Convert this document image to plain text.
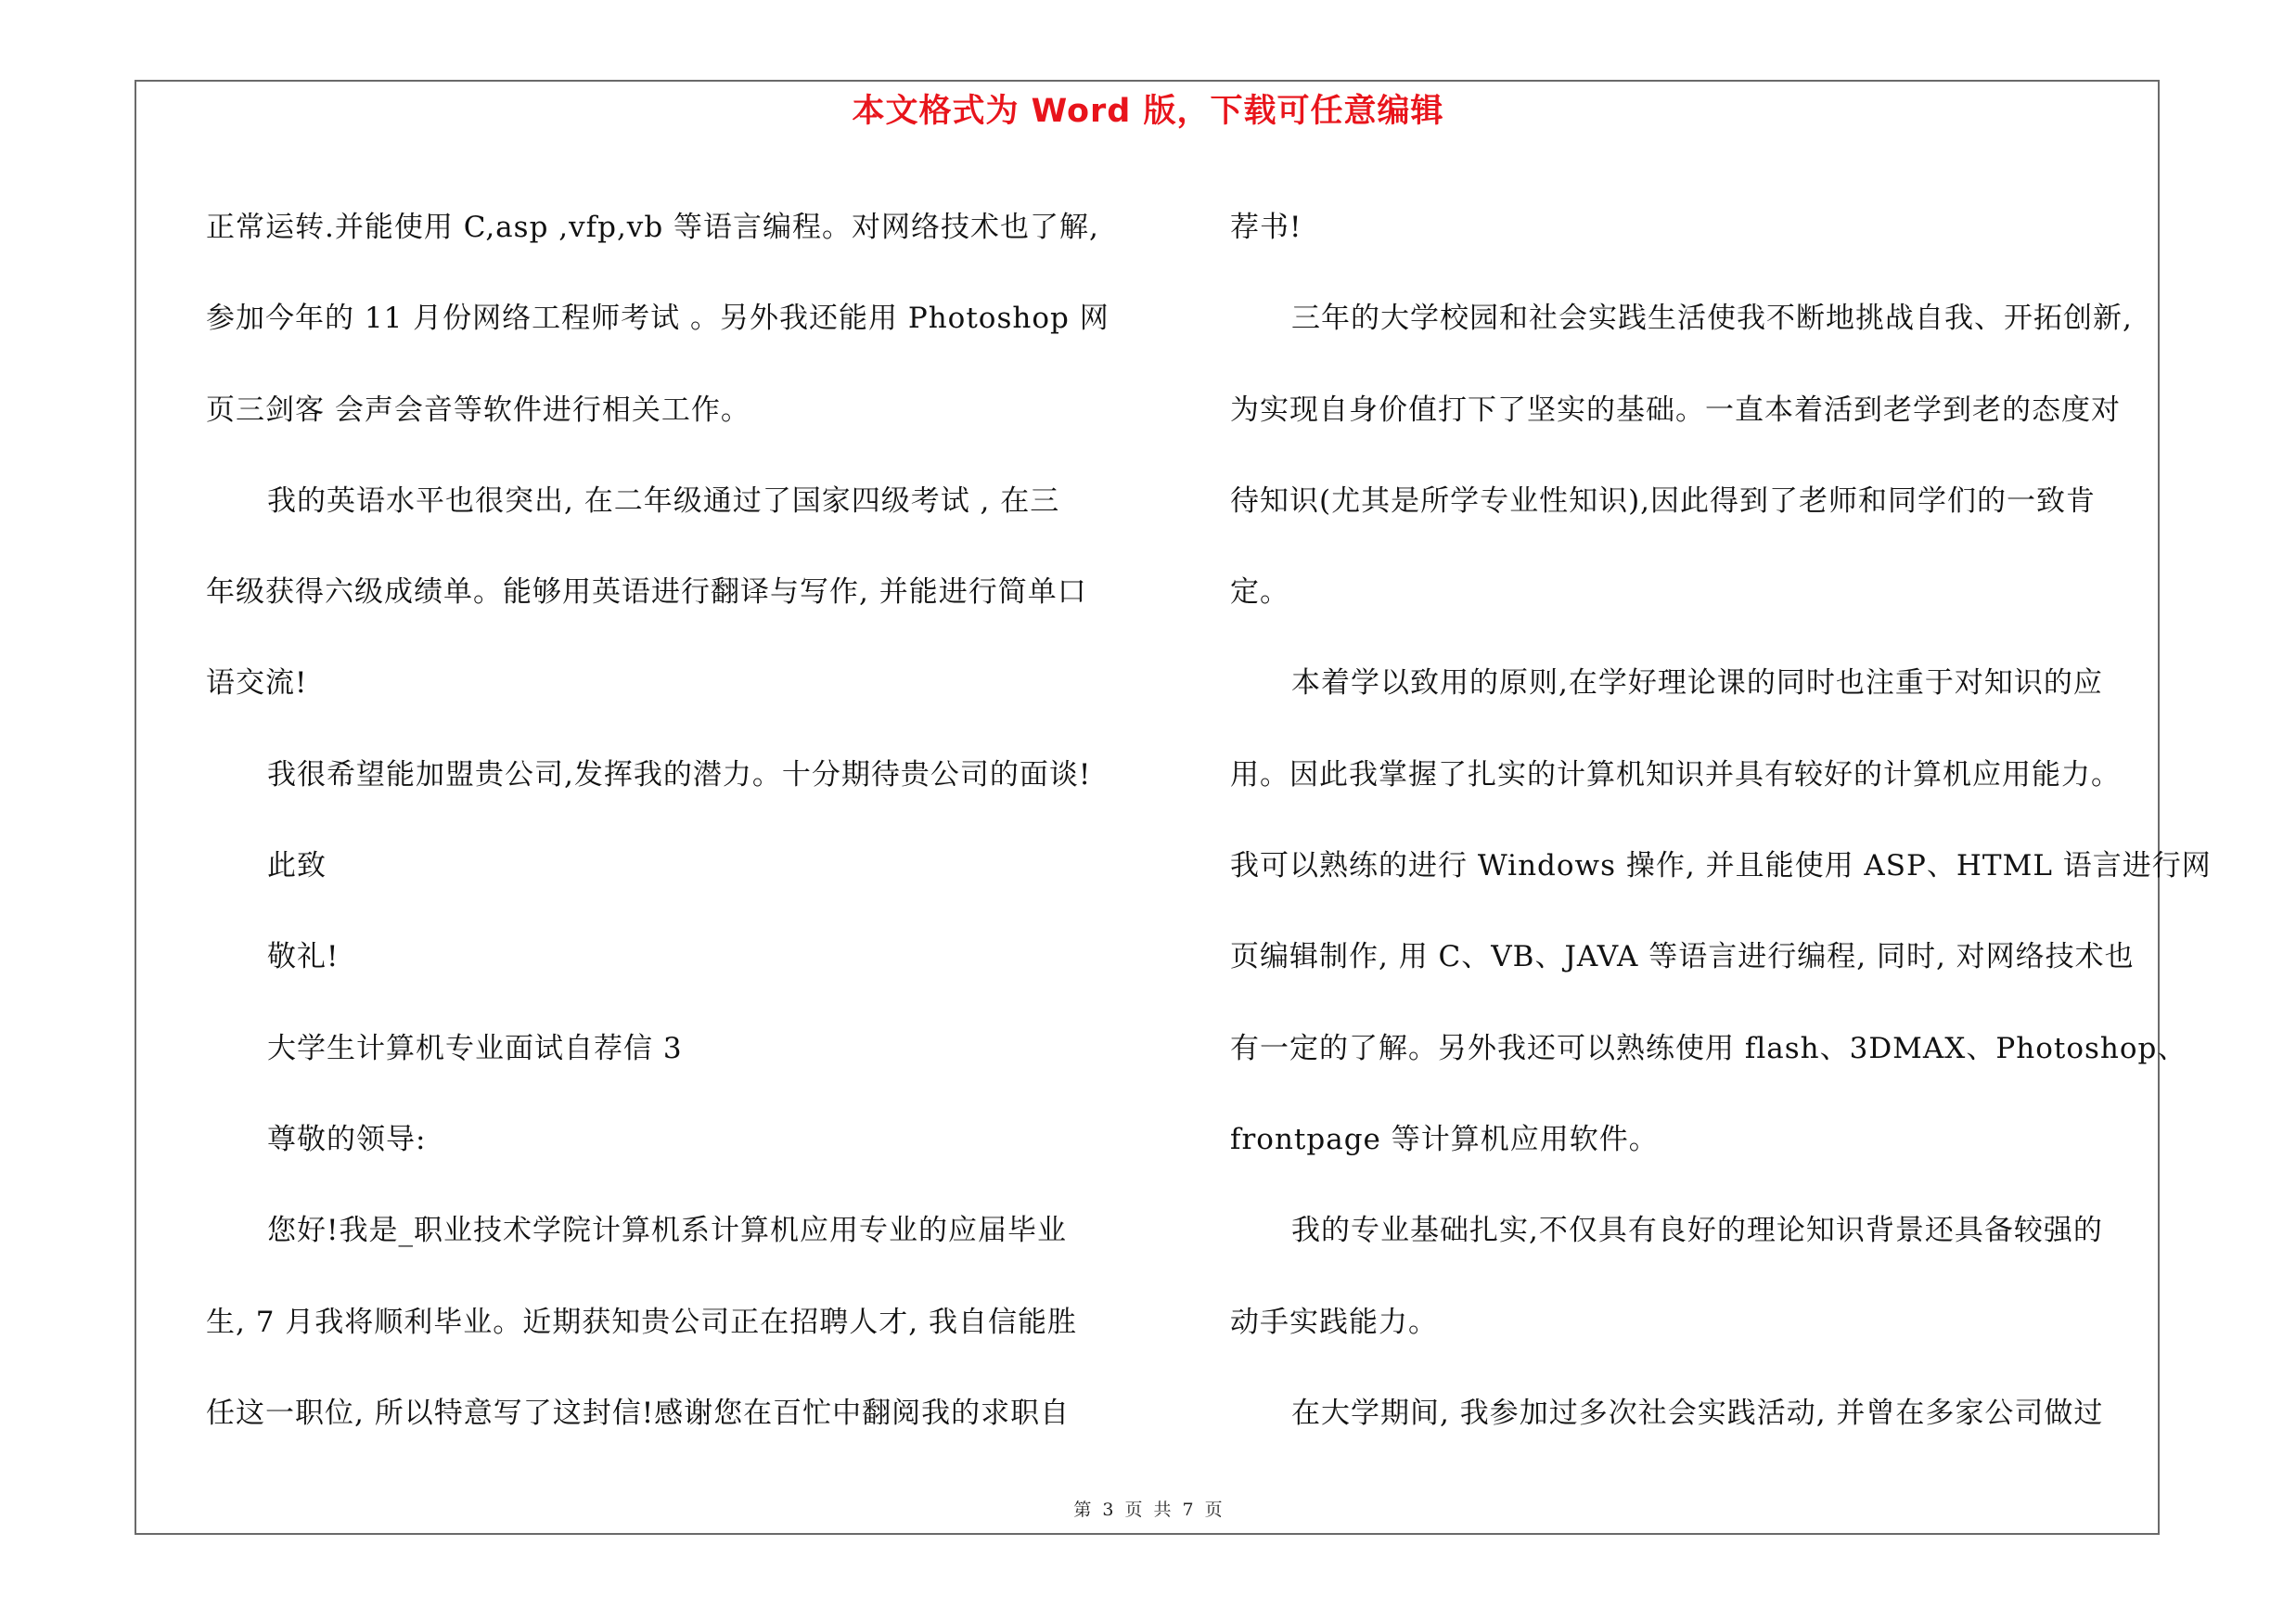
本文格式为 Word 版，下载可任意编辑
正常运转.并能使用 C,asp ,vfp,vb 等语言编程。对网络技术也了解,
参加今年的 11 月份网络工程师考试 。另外我还能用 Photoshop 网
页三剑客 会声会音等软件进行相关工作。
我的英语水平也很突出, 在二年级通过了国家四级考试 , 在三
年级获得六级成绩单。能够用英语进行翻译与写作, 并能进行简单口
语交流!
我很希望能加盟贵公司,发挥我的潜力。十分期待贵公司的面谈!
此致
敬礼!
大学生计算机专业面试自荐信 3
尊敬的领导:
您好!我是_职业技术学院计算机系计算机应用专业的应届毕业
生, 7 月我将顺利毕业。近期获知贵公司正在招聘人才, 我自信能胜
任这一职位, 所以特意写了这封信!感谢您在百忙中翻阅我的求职自
荐书!
三年的大学校园和社会实践生活使我不断地挑战自我、开拓创新,
为实现自身价值打下了坚实的基础。一直本着活到老学到老的态度对
待知识(尤其是所学专业性知识),因此得到了老师和同学们的一致肯
定。
本着学以致用的原则,在学好理论课的同时也注重于对知识的应
用。因此我掌握了扎实的计算机知识并具有较好的计算机应用能力。
我可以熟练的进行 Windows 操作, 并且能使用 ASP、HTML 语言进行网
页编辑制作, 用 C、VB、JAVA 等语言进行编程, 同时, 对网络技术也
有一定的了解。另外我还可以熟练使用 flash、3DMAX、Photoshop、
frontpage 等计算机应用软件。
我的专业基础扎实,不仅具有良好的理论知识背景还具备较强的
动手实践能力。
在大学期间, 我参加过多次社会实践活动, 并曾在多家公司做过
第 3 页 共 7 页
